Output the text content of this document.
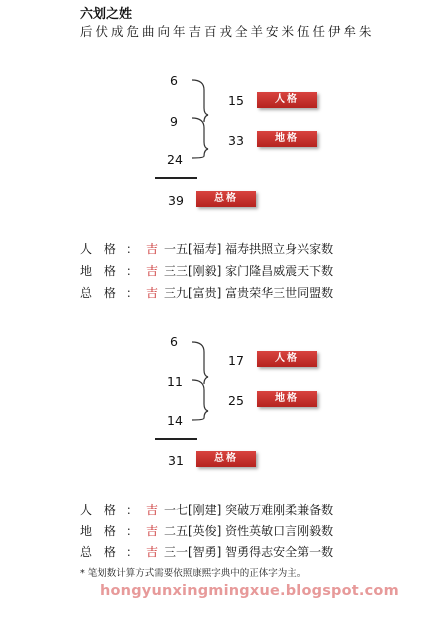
六划之姓
后伏成危曲向年吉百戎全羊安米伍任伊牟朱
6
9
24
15	人格
33	地格
39	总格
人 格 ： 吉 一五[福寿] 福寿拱照立身兴家数
地 格 ： 吉 三三[刚毅] 家门隆昌威震天下数
总 格 ： 吉 三九[富贵] 富贵荣华三世同盟数
6
11
14
17	人格
25	地格
31	总格
人 格 ： 吉 一七[刚建] 突破万难刚柔兼备数
地 格 ： 吉 二五[英俊] 资性英敏口言刚毅数
总 格 ： 吉 三一[智勇] 智勇得志安全第一数
* 笔划数计算方式需要依照康熙字典中的正体字为主。
hongyunxingmingxue.blogspot.com
